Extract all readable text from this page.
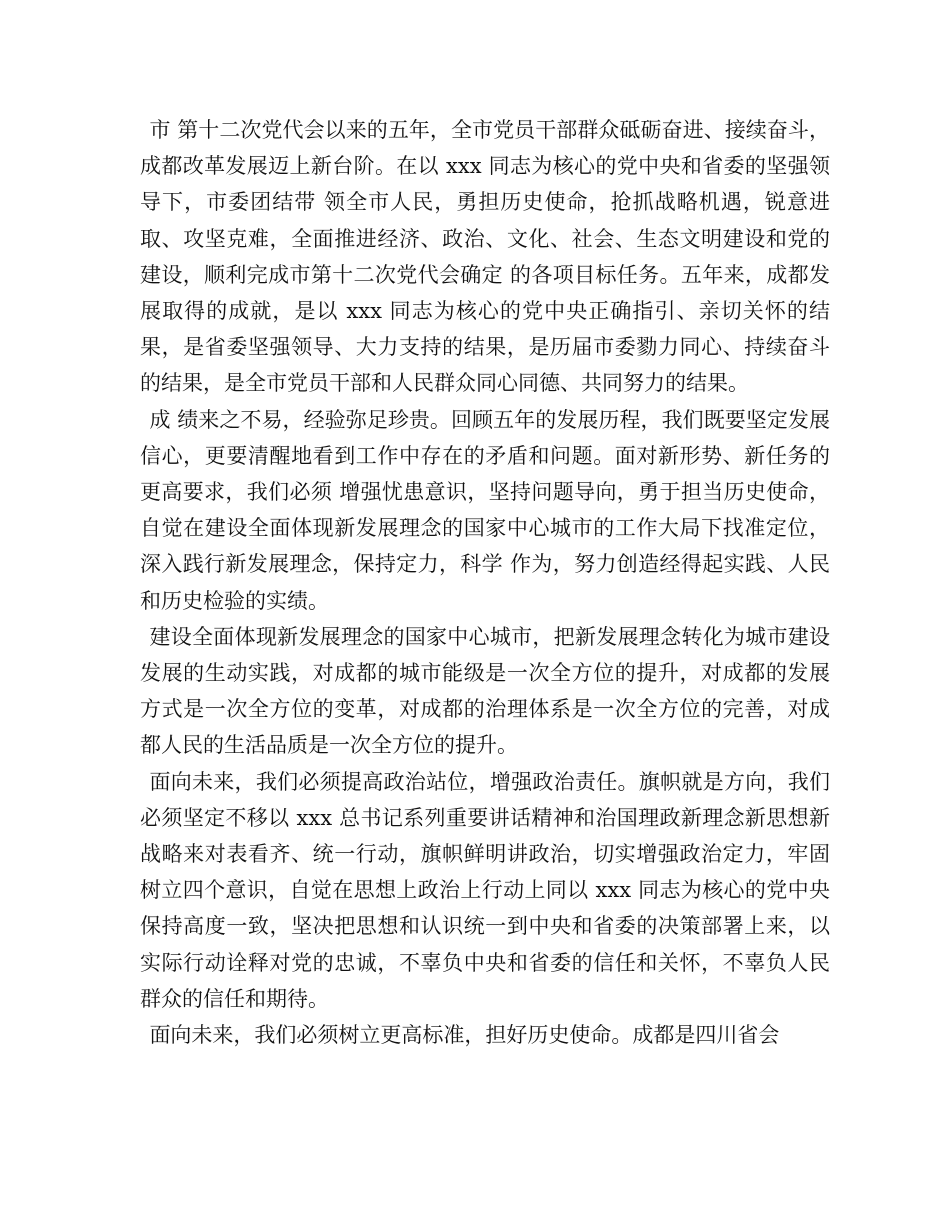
市 第十二次党代会以来的五年，全市党员干部群众砥砺奋进、接续奋斗，成都改革发展迈上新台阶。在以 xxx 同志为核心的党中央和省委的坚强领导下，市委团结带 领全市人民，勇担历史使命，抢抓战略机遇，锐意进取、攻坚克难，全面推进经济、政治、文化、社会、生态文明建设和党的建设，顺利完成市第十二次党代会确定 的各项目标任务。五年来，成都发展取得的成就，是以 xxx 同志为核心的党中央正确指引、亲切关怀的结果，是省委坚强领导、大力支持的结果，是历届市委勠力同心、持续奋斗的结果，是全市党员干部和人民群众同心同德、共同努力的结果。

成 绩来之不易，经验弥足珍贵。回顾五年的发展历程，我们既要坚定发展信心，更要清醒地看到工作中存在的矛盾和问题。面对新形势、新任务的更高要求，我们必须 增强忧患意识，坚持问题导向，勇于担当历史使命，自觉在建设全面体现新发展理念的国家中心城市的工作大局下找准定位，深入践行新发展理念，保持定力，科学 作为，努力创造经得起实践、人民和历史检验的实绩。

建设全面体现新发展理念的国家中心城市，把新发展理念转化为城市建设发展的生动实践，对成都的城市能级是一次全方位的提升，对成都的发展方式是一次全方位的变革，对成都的治理体系是一次全方位的完善，对成都人民的生活品质是一次全方位的提升。

面向未来，我们必须提高政治站位，增强政治责任。旗帜就是方向，我们必须坚定不移以 xxx 总书记系列重要讲话精神和治国理政新理念新思想新战略来对表看齐、统一行动，旗帜鲜明讲政治，切实增强政治定力，牢固树立四个意识，自觉在思想上政治上行动上同以 xxx 同志为核心的党中央保持高度一致，坚决把思想和认识统一到中央和省委的决策部署上来，以实际行动诠释对党的忠诚，不辜负中央和省委的信任和关怀，不辜负人民群众的信任和期待。

面向未来，我们必须树立更高标准，担好历史使命。成都是四川省会
